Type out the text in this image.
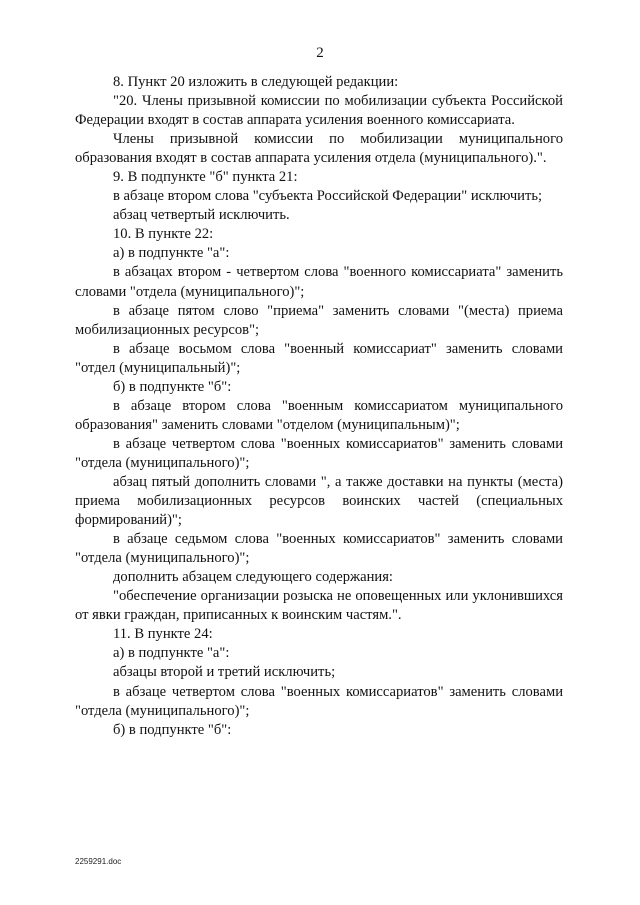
2

8. Пункт 20 изложить в следующей редакции:

"20. Члены призывной комиссии по мобилизации субъекта Российской Федерации входят в состав аппарата усиления военного комиссариата.

Члены призывной комиссии по мобилизации муниципального образования входят в состав аппарата усиления отдела (муниципального).".

9. В подпункте "б" пункта 21:

в абзаце втором слова "субъекта Российской Федерации" исключить;

абзац четвертый исключить.

10. В пункте 22:

а) в подпункте "а":

в абзацах втором - четвертом слова "военного комиссариата" заменить словами "отдела (муниципального)";

в абзаце пятом слово "приема" заменить словами "(места) приема мобилизационных ресурсов";

в абзаце восьмом слова "военный комиссариат" заменить словами "отдел (муниципальный)";

б) в подпункте "б":

в абзаце втором слова "военным комиссариатом муниципального образования" заменить словами "отделом (муниципальным)";

в абзаце четвертом слова "военных комиссариатов" заменить словами "отдела (муниципального)";

абзац пятый дополнить словами ", а также доставки на пункты (места) приема мобилизационных ресурсов воинских частей (специальных формирований)";

в абзаце седьмом слова "военных комиссариатов" заменить словами "отдела (муниципального)";

дополнить абзацем следующего содержания:

"обеспечение организации розыска не оповещенных или уклонившихся от явки граждан, приписанных к воинским частям.".

11. В пункте 24:

а) в подпункте "а":

абзацы второй и третий исключить;

в абзаце четвертом слова "военных комиссариатов" заменить словами "отдела (муниципального)";

б) в подпункте "б":

2259291.doc
